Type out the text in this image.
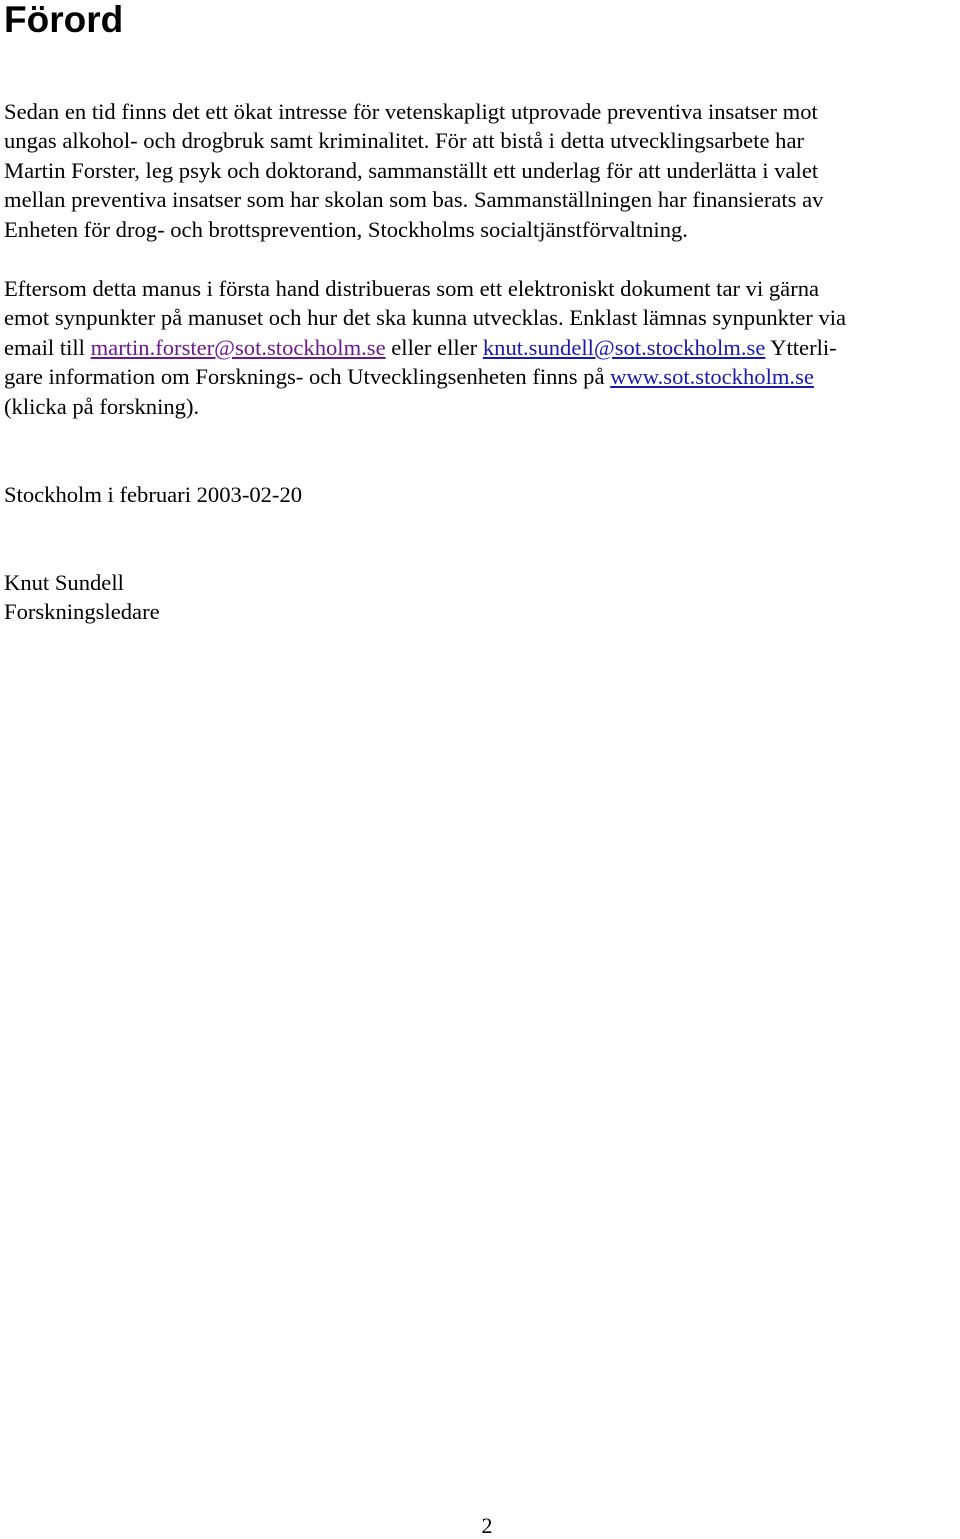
Förord
Sedan en tid finns det ett ökat intresse för vetenskapligt utprovade preventiva insatser mot
ungas alkohol- och drogbruk samt kriminalitet. För att bistå i detta utvecklingsarbete har
Martin Forster, leg psyk och doktorand, sammanställt ett underlag för att underlätta i valet
mellan preventiva insatser som har skolan som bas. Sammanställningen har finansierats av
Enheten för drog- och brottsprevention, Stockholms socialtjänstförvaltning.
Eftersom detta manus i första hand distribueras som ett elektroniskt dokument tar vi gärna
emot synpunkter på manuset och hur det ska kunna utvecklas. Enklast lämnas synpunkter via
email till martin.forster@sot.stockholm.se eller eller knut.sundell@sot.stockholm.se Ytterli-
gare information om Forsknings- och Utvecklingsenheten finns på www.sot.stockholm.se
(klicka på forskning).
Stockholm i februari 2003-02-20
Knut Sundell
Forskningsledare
2
